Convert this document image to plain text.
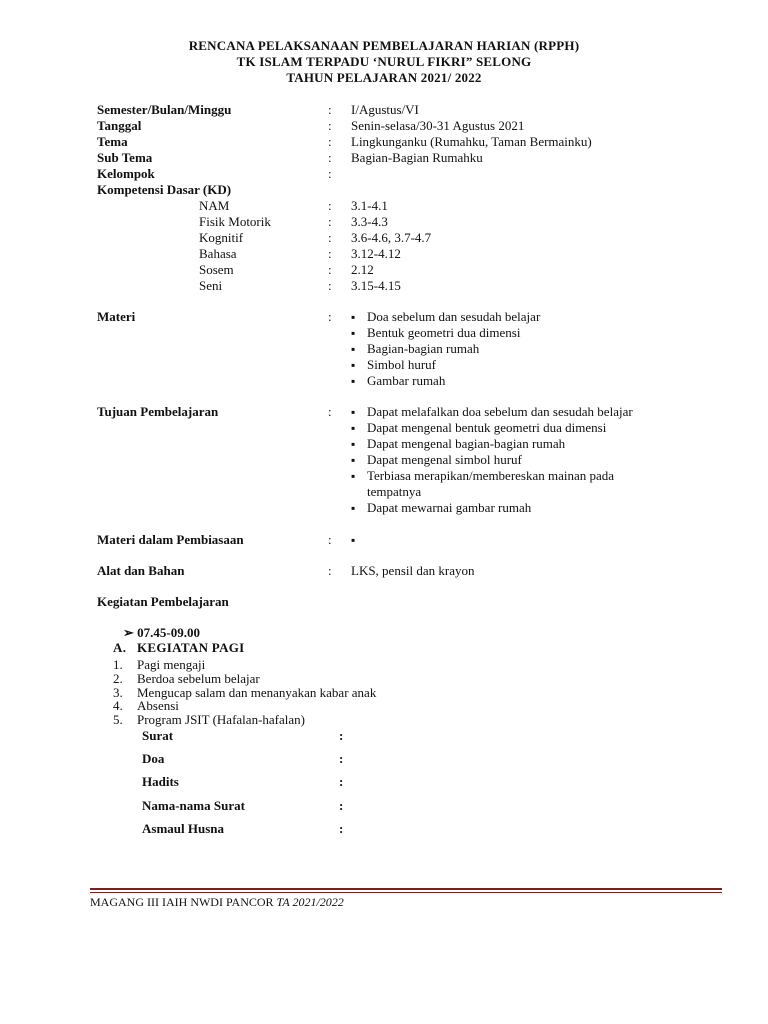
RENCANA PELAKSANAAN PEMBELAJARAN HARIAN (RPPH)
TK ISLAM TERPADU ‘NURUL FIKRI” SELONG
TAHUN PELAJARAN 2021/ 2022
Semester/Bulan/Minggu	: I/Agustus/VI
Tanggal	: Senin-selasa/30-31 Agustus 2021
Tema	: Lingkunganku (Rumahku, Taman Bermainku)
Sub Tema	: Bagian-Bagian Rumahku
Kelompok	:
Kompetensi Dasar (KD)
NAM	: 3.1-4.1
Fisik Motorik	: 3.3-4.3
Kognitif	: 3.6-4.6, 3.7-4.7
Bahasa	: 3.12-4.12
Sosem	: 2.12
Seni	: 3.15-4.15
Materi	:	▪ Doa sebelum dan sesudah belajar
▪ Bentuk geometri dua dimensi
▪ Bagian-bagian rumah
▪ Simbol huruf
▪ Gambar rumah
Tujuan Pembelajaran	:	▪ Dapat melafalkan doa sebelum dan sesudah belajar
▪ Dapat mengenal bentuk geometri dua dimensi
▪ Dapat mengenal bagian-bagian rumah
▪ Dapat mengenal simbol huruf
▪ Terbiasa merapikan/membereskan mainan pada
tempatnya
▪ Dapat mewarnai gambar rumah
Materi dalam Pembiasaan	:
Alat dan Bahan	: LKS, pensil dan krayon
Kegiatan Pembelajaran
➢ 07.45-09.00
A. KEGIATAN PAGI
1. Pagi mengaji
2. Berdoa sebelum belajar
3. Mengucap salam dan menanyakan kabar anak
4. Absensi
5. Program JSIT (Hafalan-hafalan)
Surat	:
Doa	:
Hadits	:
Nama-nama Surat	:
Asmaul Husna	:
MAGANG III IAIH NWDI PANCOR TA 2021/2022
